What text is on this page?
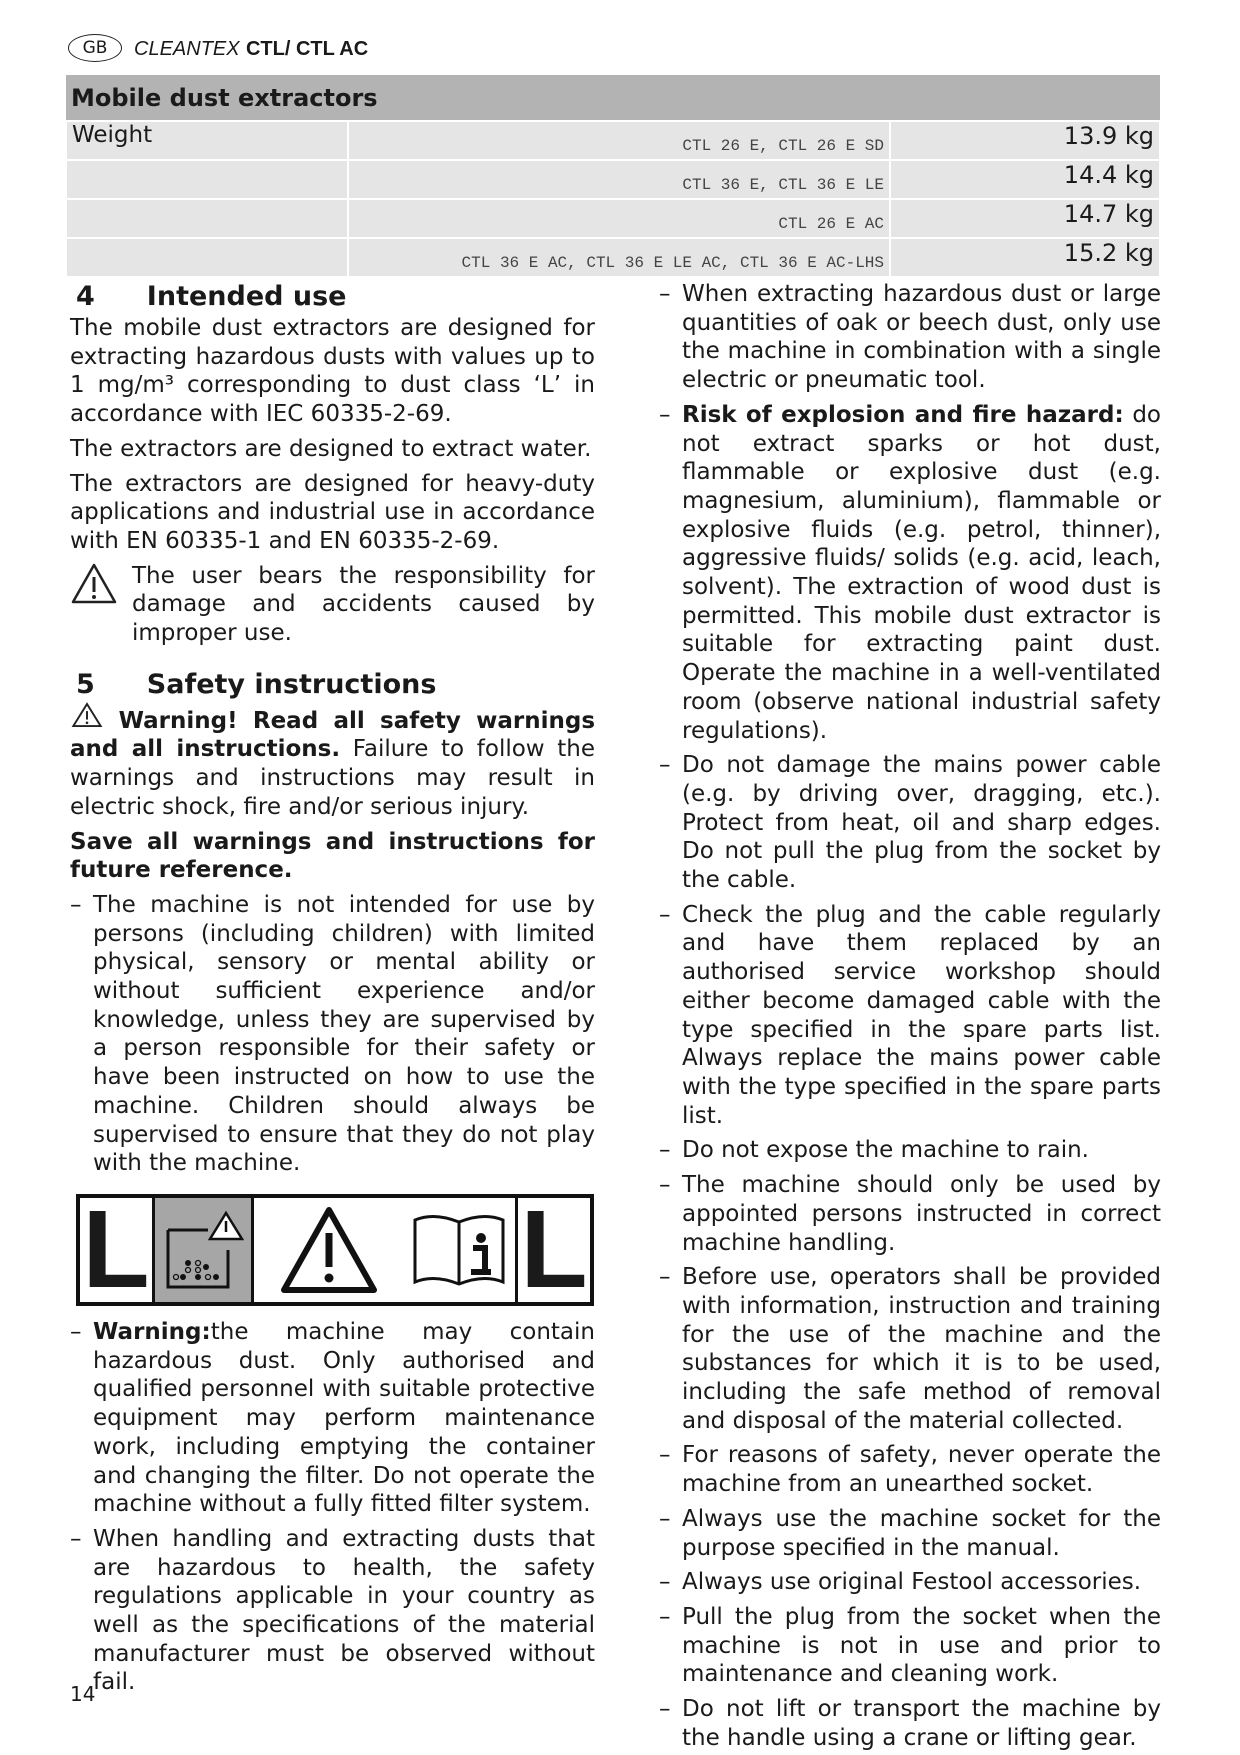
GB	CLEANTEX CTL/ CTL AC
Mobile dust extractors		
Weight	CTL 26 E, CTL 26 E SD	13.9 kg
	CTL 36 E, CTL 36 E LE	14.4 kg
	CTL 26 E AC	14.7 kg
	CTL 36 E AC, CTL 36 E LE AC, CTL 36 E AC-LHS	15.2 kg
4 Intended use

The mobile dust extractors are designed for extracting hazardous dusts with values up to 1 mg/m³ corresponding to dust class ‘L’ in accordance with IEC 60335-2-69.

The extractors are designed to extract water.

The extractors are designed for heavy-duty applications and industrial use in accordance with EN 60335-1 and EN 60335-2-69.

The user bears the responsibility for damage and accidents caused by improper use.

5 Safety instructions

Warning! Read all safety warnings and all instructions. Failure to follow the warnings and instructions may result in electric shock, fire and/or serious injury.

Save all warnings and instructions for future reference.

– The machine is not intended for use by persons (including children) with limited physical, sensory or mental ability or without sufficient experience and/or knowledge, unless they are supervised by a person responsible for their safety or have been instructed on how to use the machine. Children should always be supervised to ensure that they do not play with the machine.
L	L
– Warning:the machine may contain hazardous dust. Only authorised and qualified personnel with suitable protective equipment may perform maintenance work, including emptying the container and changing the filter. Do not operate the machine without a fully fitted filter system.
– When handling and extracting dusts that are hazardous to health, the safety regulations applicable in your country as well as the specifications of the material manufacturer must be observed without fail.
– When extracting hazardous dust or large quantities of oak or beech dust, only use the machine in combination with a single electric or pneumatic tool.
– Risk of explosion and fire hazard: do not extract sparks or hot dust, flammable or explosive dust (e.g. magnesium, aluminium), flammable or explosive fluids (e.g. petrol, thinner), aggressive fluids/ solids (e.g. acid, leach, solvent). The extraction of wood dust is permitted. This mobile dust extractor is suitable for extracting paint dust. Operate the machine in a well-ventilated room (observe national industrial safety regulations).
– Do not damage the mains power cable (e.g. by driving over, dragging, etc.). Protect from heat, oil and sharp edges. Do not pull the plug from the socket by the cable.
– Check the plug and the cable regularly and have them replaced by an authorised service workshop should either become damaged cable with the type specified in the spare parts list. Always replace the mains power cable with the type specified in the spare parts list.
– Do not expose the machine to rain.
– The machine should only be used by appointed persons instructed in correct machine handling.
– Before use, operators shall be provided with information, instruction and training for the use of the machine and the substances for which it is to be used, including the safe method of removal and disposal of the material collected.
– For reasons of safety, never operate the machine from an unearthed socket.
– Always use the machine socket for the purpose specified in the manual.
– Always use original Festool accessories.
– Pull the plug from the socket when the machine is not in use and prior to maintenance and cleaning work.
– Do not lift or transport the machine by the handle using a crane or lifting gear.
14
